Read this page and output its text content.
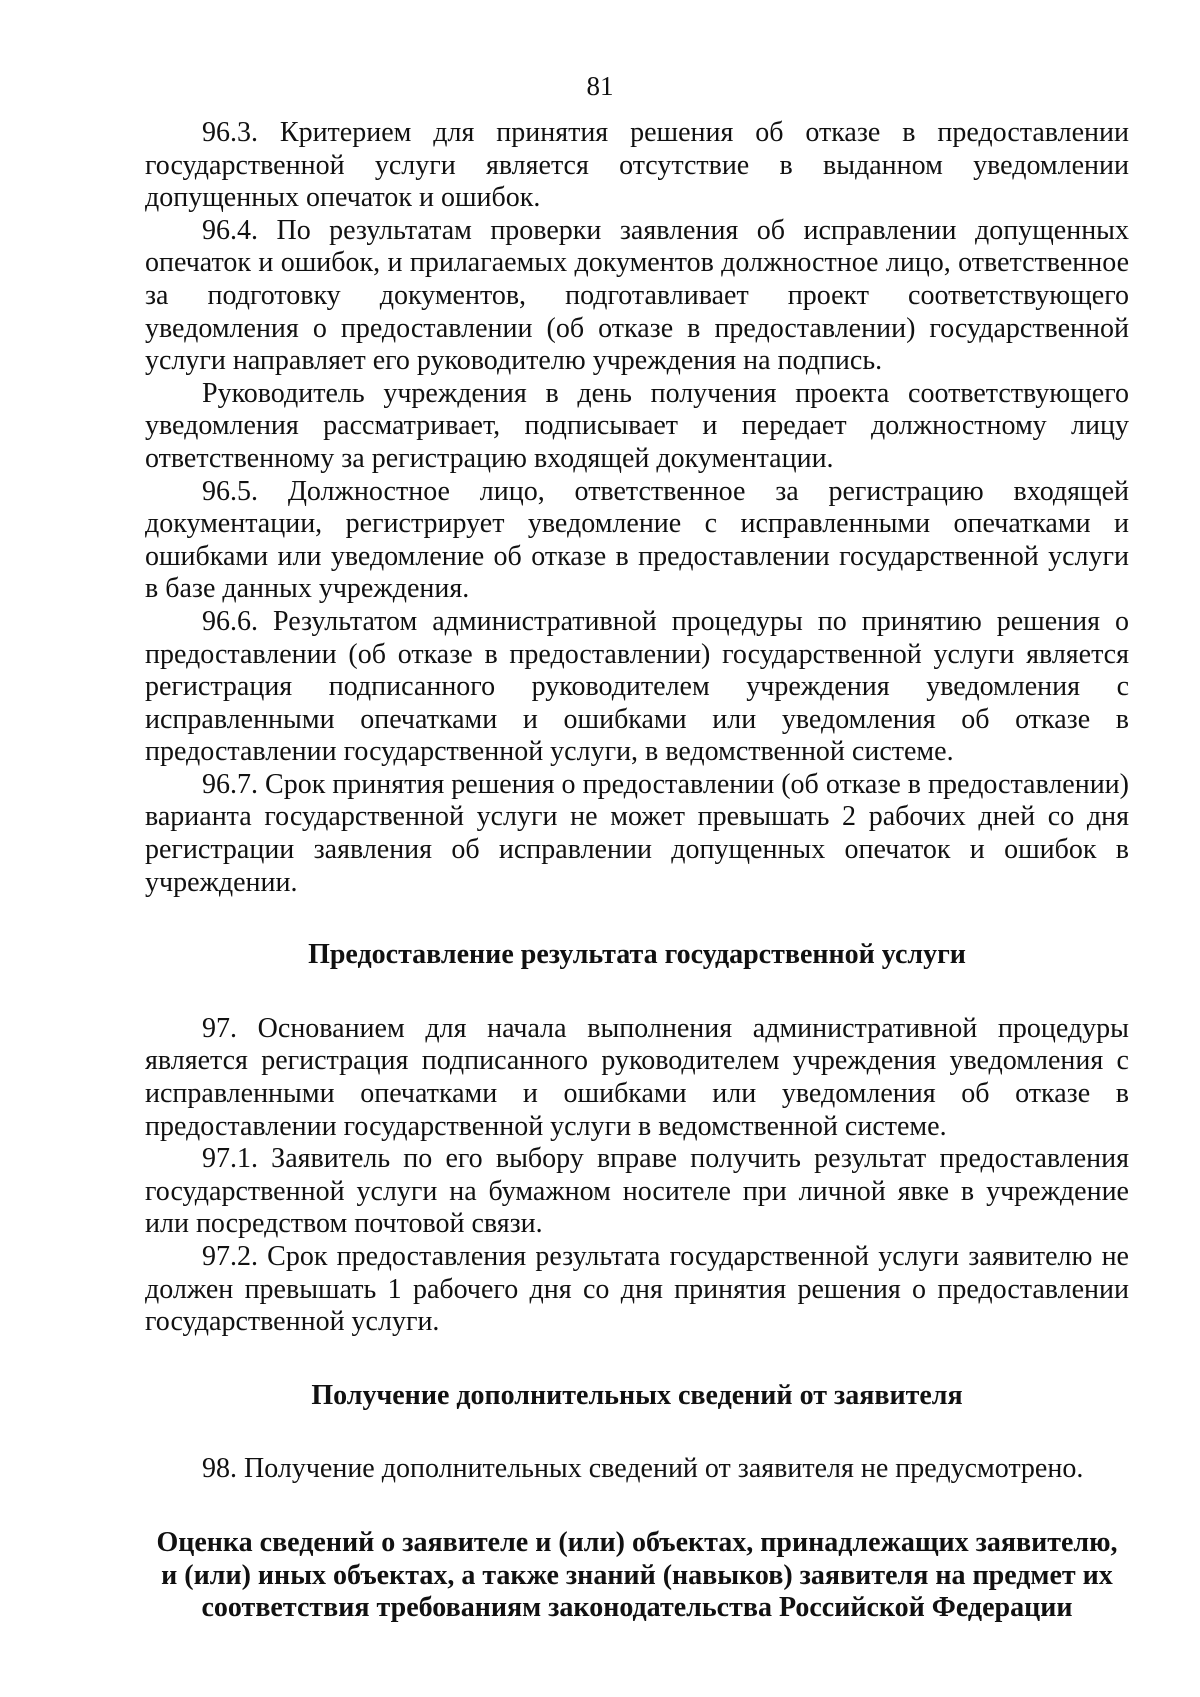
81

96.3. Критерием для принятия решения об отказе в предоставлении государственной услуги является отсутствие в выданном уведомлении допущенных опечаток и ошибок.

96.4. По результатам проверки заявления об исправлении допущенных опечаток и ошибок, и прилагаемых документов должностное лицо, ответственное за подготовку документов, подготавливает проект соответствующего уведомления о предоставлении (об отказе в предоставлении) государственной услуги направляет его руководителю учреждения на подпись.

Руководитель учреждения в день получения проекта соответствующего уведомления рассматривает, подписывает и передает должностному лицу ответственному за регистрацию входящей документации.

96.5. Должностное лицо, ответственное за регистрацию входящей документации, регистрирует уведомление с исправленными опечатками и ошибками или уведомление об отказе в предоставлении государственной услуги в базе данных учреждения.

96.6. Результатом административной процедуры по принятию решения о предоставлении (об отказе в предоставлении) государственной услуги является регистрация подписанного руководителем учреждения уведомления с исправленными опечатками и ошибками или уведомления об отказе в предоставлении государственной услуги, в ведомственной системе.

96.7. Срок принятия решения о предоставлении (об отказе в предоставлении) варианта государственной услуги не может превышать 2 рабочих дней со дня регистрации заявления об исправлении допущенных опечаток и ошибок в учреждении.

Предоставление результата государственной услуги

97. Основанием для начала выполнения административной процедуры является регистрация подписанного руководителем учреждения уведомления с исправленными опечатками и ошибками или уведомления об отказе в предоставлении государственной услуги в ведомственной системе.

97.1. Заявитель по его выбору вправе получить результат предоставления государственной услуги на бумажном носителе при личной явке в учреждение или посредством почтовой связи.

97.2. Срок предоставления результата государственной услуги заявителю не должен превышать 1 рабочего дня со дня принятия решения о предоставлении государственной услуги.

Получение дополнительных сведений от заявителя

98. Получение дополнительных сведений от заявителя не предусмотрено.

Оценка сведений о заявителе и (или) объектах, принадлежащих заявителю,
и (или) иных объектах, а также знаний (навыков) заявителя на предмет их
соответствия требованиям законодательства Российской Федерации
